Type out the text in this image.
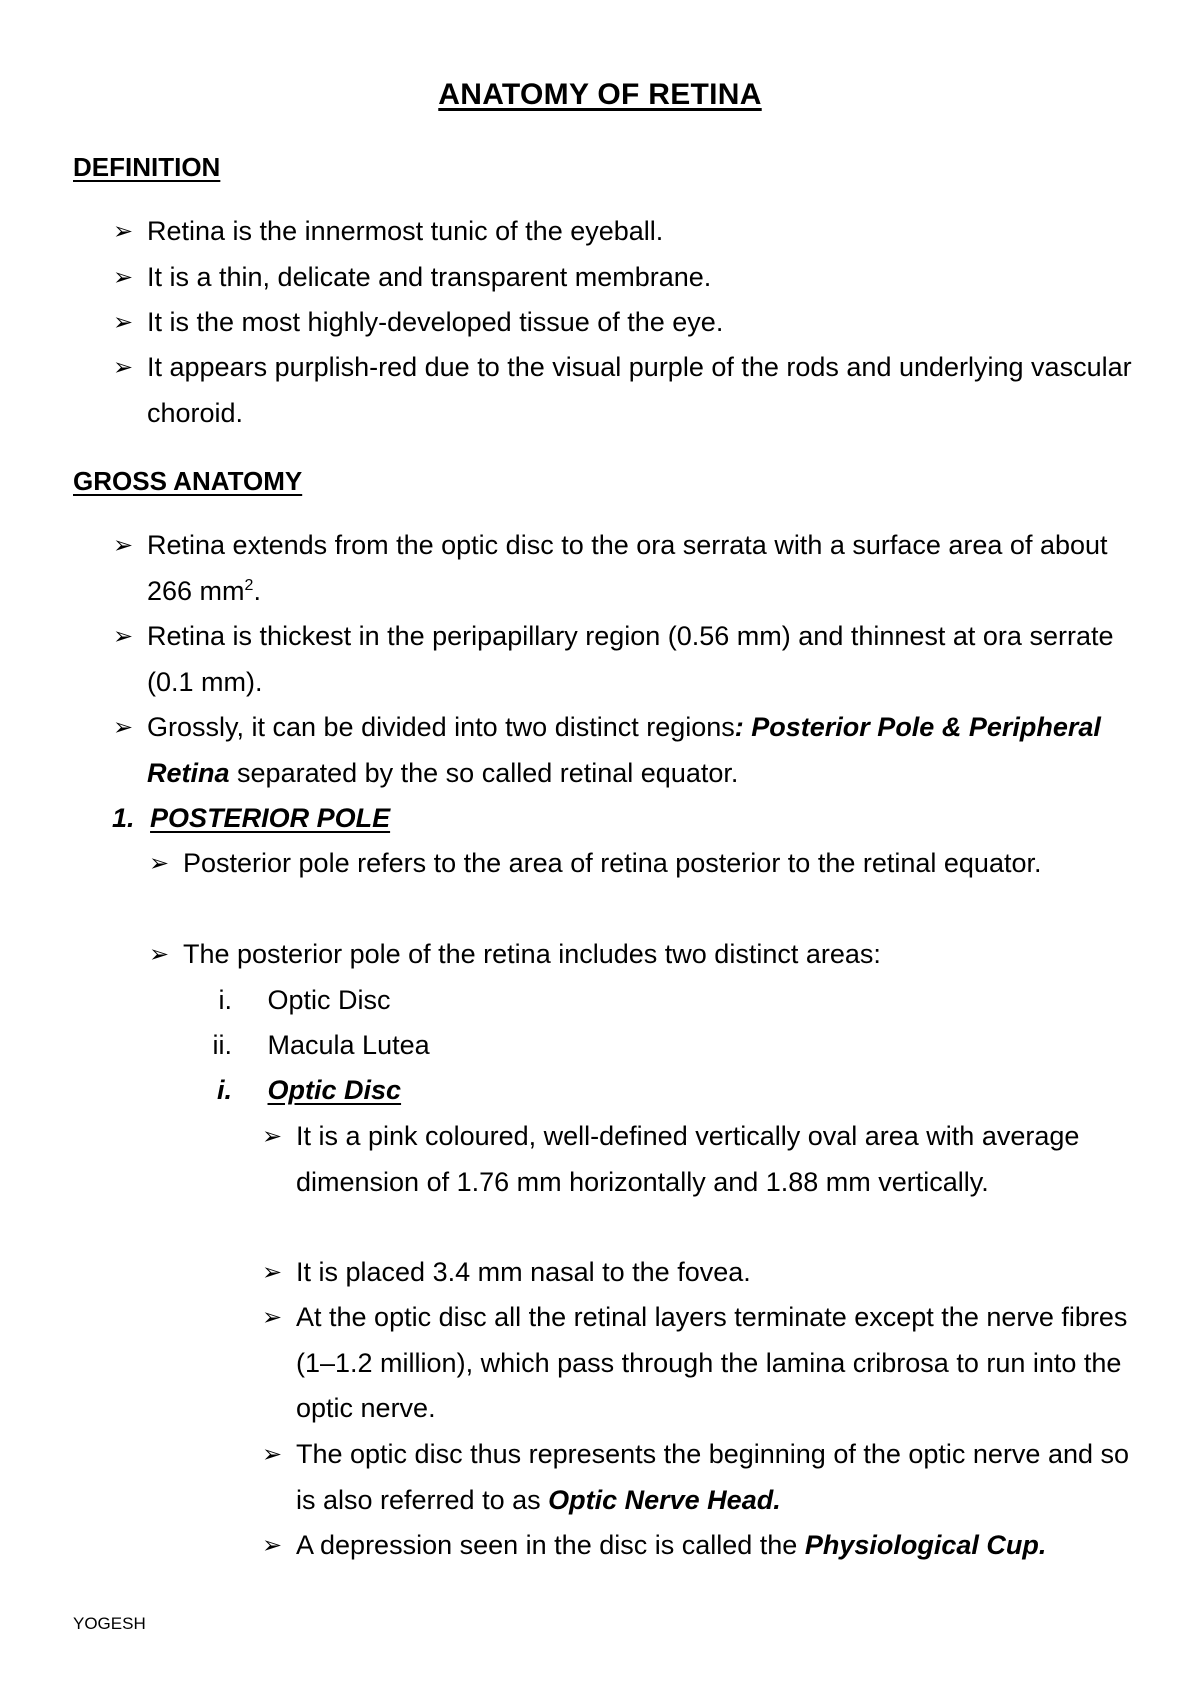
ANATOMY OF RETINA
DEFINITION
➢ Retina is the innermost tunic of the eyeball.
➢ It is a thin, delicate and transparent membrane.
➢ It is the most highly-developed tissue of the eye.
➢ It appears purplish-red due to the visual purple of the rods and underlying vascular choroid.
GROSS ANATOMY
➢ Retina extends from the optic disc to the ora serrata with a surface area of about 266 $mm^2$.
➢ Retina is thickest in the peripapillary region (0.56 mm) and thinnest at ora serrate (0.1 mm).
➢ Grossly, it can be divided into two distinct regions: Posterior Pole & Peripheral Retina separated by the so called retinal equator.
1. POSTERIOR POLE
➢ Posterior pole refers to the area of retina posterior to the retinal equator.
➢ The posterior pole of the retina includes two distinct areas:
i. Optic Disc
ii. Macula Lutea
i. Optic Disc
➢ It is a pink coloured, well-defined vertically oval area with average dimension of 1.76 mm horizontally and 1.88 mm vertically.
➢ It is placed 3.4 mm nasal to the fovea.
➢ At the optic disc all the retinal layers terminate except the nerve fibres (1–1.2 million), which pass through the lamina cribrosa to run into the optic nerve.
➢ The optic disc thus represents the beginning of the optic nerve and so is also referred to as Optic Nerve Head.
➢ A depression seen in the disc is called the Physiological Cup.
YOGESH
